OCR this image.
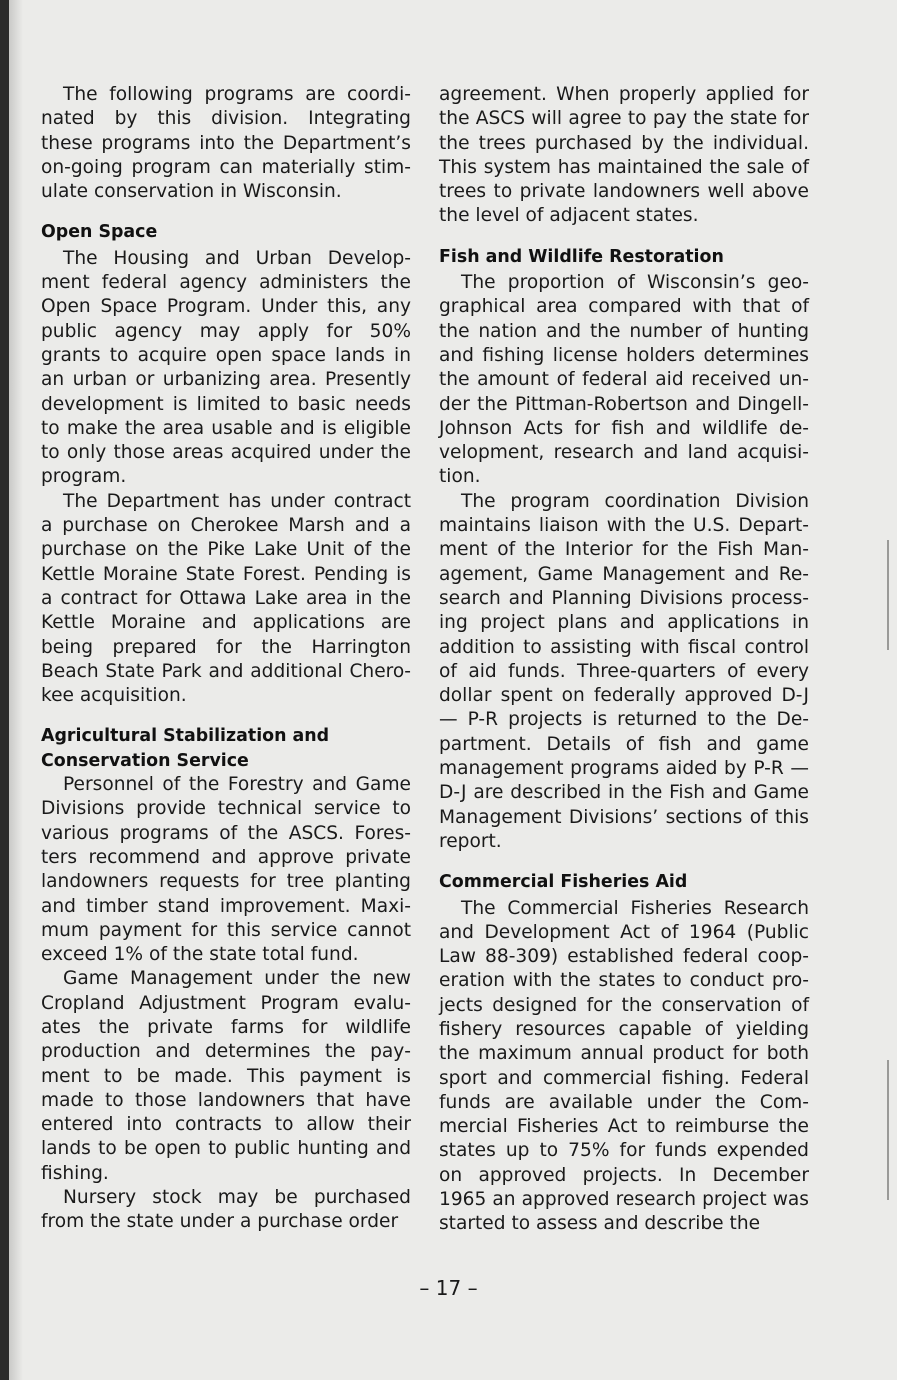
The following programs are coordinated by this division. Integrating these programs into the Department’s on-going program can materially stimulate conservation in Wisconsin.

Open Space

The Housing and Urban Development federal agency administers the Open Space Program. Under this, any public agency may apply for 50% grants to acquire open space lands in an urban or urbanizing area. Presently development is limited to basic needs to make the area usable and is eligible to only those areas acquired under the program.

The Department has under contract a purchase on Cherokee Marsh and a purchase on the Pike Lake Unit of the Kettle Moraine State Forest. Pending is a contract for Ottawa Lake area in the Kettle Moraine and applications are being prepared for the Harrington Beach State Park and additional Cherokee acquisition.

Agricultural Stabilization and
Conservation Service

Personnel of the Forestry and Game Divisions provide technical service to various programs of the ASCS. Foresters recommend and approve private landowners requests for tree planting and timber stand improvement. Maximum payment for this service cannot exceed 1% of the state total fund.

Game Management under the new Cropland Adjustment Program evaluates the private farms for wildlife production and determines the payment to be made. This payment is made to those landowners that have entered into contracts to allow their lands to be open to public hunting and fishing.

Nursery stock may be purchased from the state under a purchase order

agreement. When properly applied for the ASCS will agree to pay the state for the trees purchased by the individual. This system has maintained the sale of trees to private landowners well above the level of adjacent states.

Fish and Wildlife Restoration

The proportion of Wisconsin’s geographical area compared with that of the nation and the number of hunting and fishing license holders determines the amount of federal aid received under the Pittman-Robertson and Dingell-Johnson Acts for fish and wildlife development, research and land acquisition.

The program coordination Division maintains liaison with the U.S. Department of the Interior for the Fish Management, Game Management and Research and Planning Divisions processing project plans and applications in addition to assisting with fiscal control of aid funds. Three-quarters of every dollar spent on federally approved D-J — P-R projects is returned to the Department. Details of fish and game management programs aided by P-R — D-J are described in the Fish and Game Management Divisions’ sections of this report.

Commercial Fisheries Aid

The Commercial Fisheries Research and Development Act of 1964 (Public Law 88-309) established federal cooperation with the states to conduct projects designed for the conservation of fishery resources capable of yielding the maximum annual product for both sport and commercial fishing. Federal funds are available under the Commercial Fisheries Act to reimburse the states up to 75% for funds expended on approved projects. In December 1965 an approved research project was started to assess and describe the

– 17 –
